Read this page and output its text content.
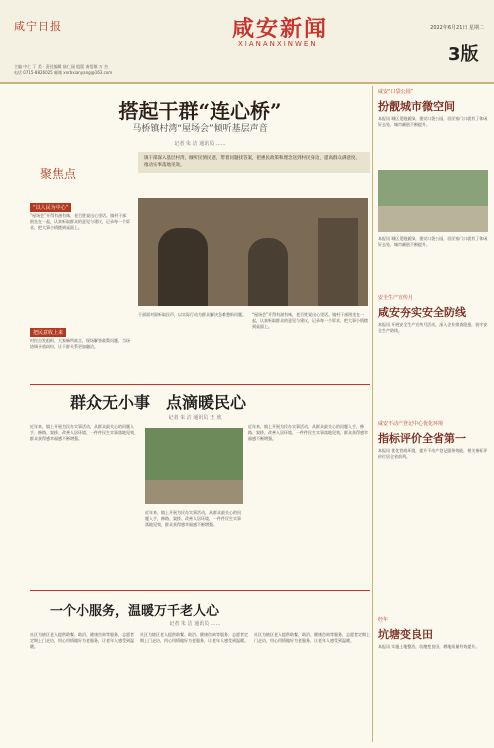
咸宁日报
主编 中仁 丁 美 · 责任编辑 陆仁园 组版 南悟敏 万 杰
电话 0715-8826025 邮箱 xnrbxianyang@163.com
咸安新闻
XIANANXINWEN
2022年6月21日 星期二
3版
搭起干群“连心桥”
马桥镇村湾“屋场会”倾听基层声音
记者 朱 洁 通讯员 ……
镇干部深入基层村湾，倾听民情民意，带着问题找答案，把惠民政策和理念送到村民身边，提高群众满意度，推动实事落地见效。
聚焦点
“以人民为中心”
“屋场会”开得有滋有味，老百姓说出心里话。镇村干部围坐在一起，认真听取群众的意见与建议，记录每一个诉求，把大事小情摆到桌面上。
把民意收上来
村民自发组织，大家畅所欲言，现场解答政策问题，当场协调矛盾纠纷，让干群关系更加融洽。
干部面对面听取民声，以实际行动为群众解决急难愁盼问题。	“屋场会”开得有滋有味，老百姓说出心里话。镇村干部围坐在一起，认真听取群众的意见与建议，记录每一个诉求，把大事小情摆到桌面上。
群众无小事　点滴暖民心
记者 朱 洁 通讯员 王 欣
近年来，镇上开展为民办实事活动，从群众最关心的问题入手，修路、架桥、改善人居环境，一件件民生实事落地见效，群众获得感幸福感不断增强。
近年来，镇上开展为民办实事活动，从群众最关心的问题入手，修路、架桥、改善人居环境，一件件民生实事落地见效，群众获得感幸福感不断增强。
近年来，镇上开展为民办实事活动，从群众最关心的问题入手，修路、架桥、改善人居环境，一件件民生实事落地见效，群众获得感幸福感不断增强。
一个小服务，温暖万千老人心
记者 朱 洁 通讯员 ……
社区为辖区老人提供助餐、助浴、健康咨询等服务，志愿者定期上门走访，用心用情做好为老服务，让老年人感受到温暖。
社区为辖区老人提供助餐、助浴、健康咨询等服务，志愿者定期上门走访，用心用情做好为老服务，让老年人感受到温暖。
社区为辖区老人提供助餐、助浴、健康咨询等服务，志愿者定期上门走访，用心用情做好为老服务，让老年人感受到温暖。
咸安“口袋公园”
扮靓城市微空间
本报讯 城区见缝插绿，建设口袋公园，居民家门口就有了休闲好去处，城市颜值不断提升。
本报讯 城区见缝插绿，建设口袋公园，居民家门口就有了休闲好去处，城市颜值不断提升。
安全生产宣传月
咸安夯实安全防线
本报讯 开展安全生产宣传月活动，深入企业排查隐患，筑牢安全生产防线。
咸安不动产登记中心优化环境
指标评价全省第一
本报讯 优化营商环境，提升不动产登记服务效能，相关指标评价位居全省前列。
经年
坑塘变良田
本报讯 实施土地整治，坑塘变良田，耕地质量有效提升。
